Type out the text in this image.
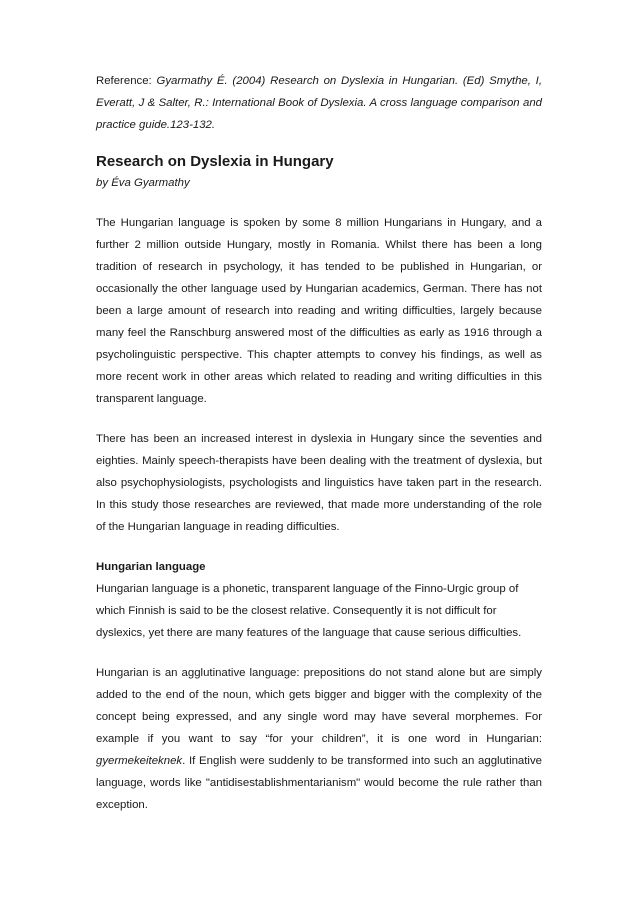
Reference: Gyarmathy É. (2004) Research on Dyslexia in Hungarian. (Ed) Smythe, I, Everatt, J & Salter, R.: International Book of Dyslexia. A cross language comparison and practice guide.123-132.

Research on Dyslexia in Hungary

by Éva Gyarmathy

The Hungarian language is spoken by some 8 million Hungarians in Hungary, and a further 2 million outside Hungary, mostly in Romania. Whilst there has been a long tradition of research in psychology, it has tended to be published in Hungarian, or occasionally the other language used by Hungarian academics, German. There has not been a large amount of research into reading and writing difficulties, largely because many feel the Ranschburg answered most of the difficulties as early as 1916 through a psycholinguistic perspective. This chapter attempts to convey his findings, as well as more recent work in other areas which related to reading and writing difficulties in this transparent language.

There has been an increased interest in dyslexia in Hungary since the seventies and eighties. Mainly speech-therapists have been dealing with the treatment of dyslexia, but also psychophysiologists, psychologists and linguistics have taken part in the research. In this study those researches are reviewed, that made more understanding of the role of the Hungarian language in reading difficulties.

Hungarian language

Hungarian language is a phonetic, transparent language of the Finno-Urgic group of which Finnish is said to be the closest relative. Consequently it is not difficult for dyslexics, yet there are many features of the language that cause serious difficulties.

Hungarian is an agglutinative language: prepositions do not stand alone but are simply added to the end of the noun, which gets bigger and bigger with the complexity of the concept being expressed, and any single word may have several morphemes. For example if you want to say “for your children”, it is one word in Hungarian: gyermekeiteknek. If English were suddenly to be transformed into such an agglutinative language, words like "antidisestablishmentarianism" would become the rule rather than exception.
